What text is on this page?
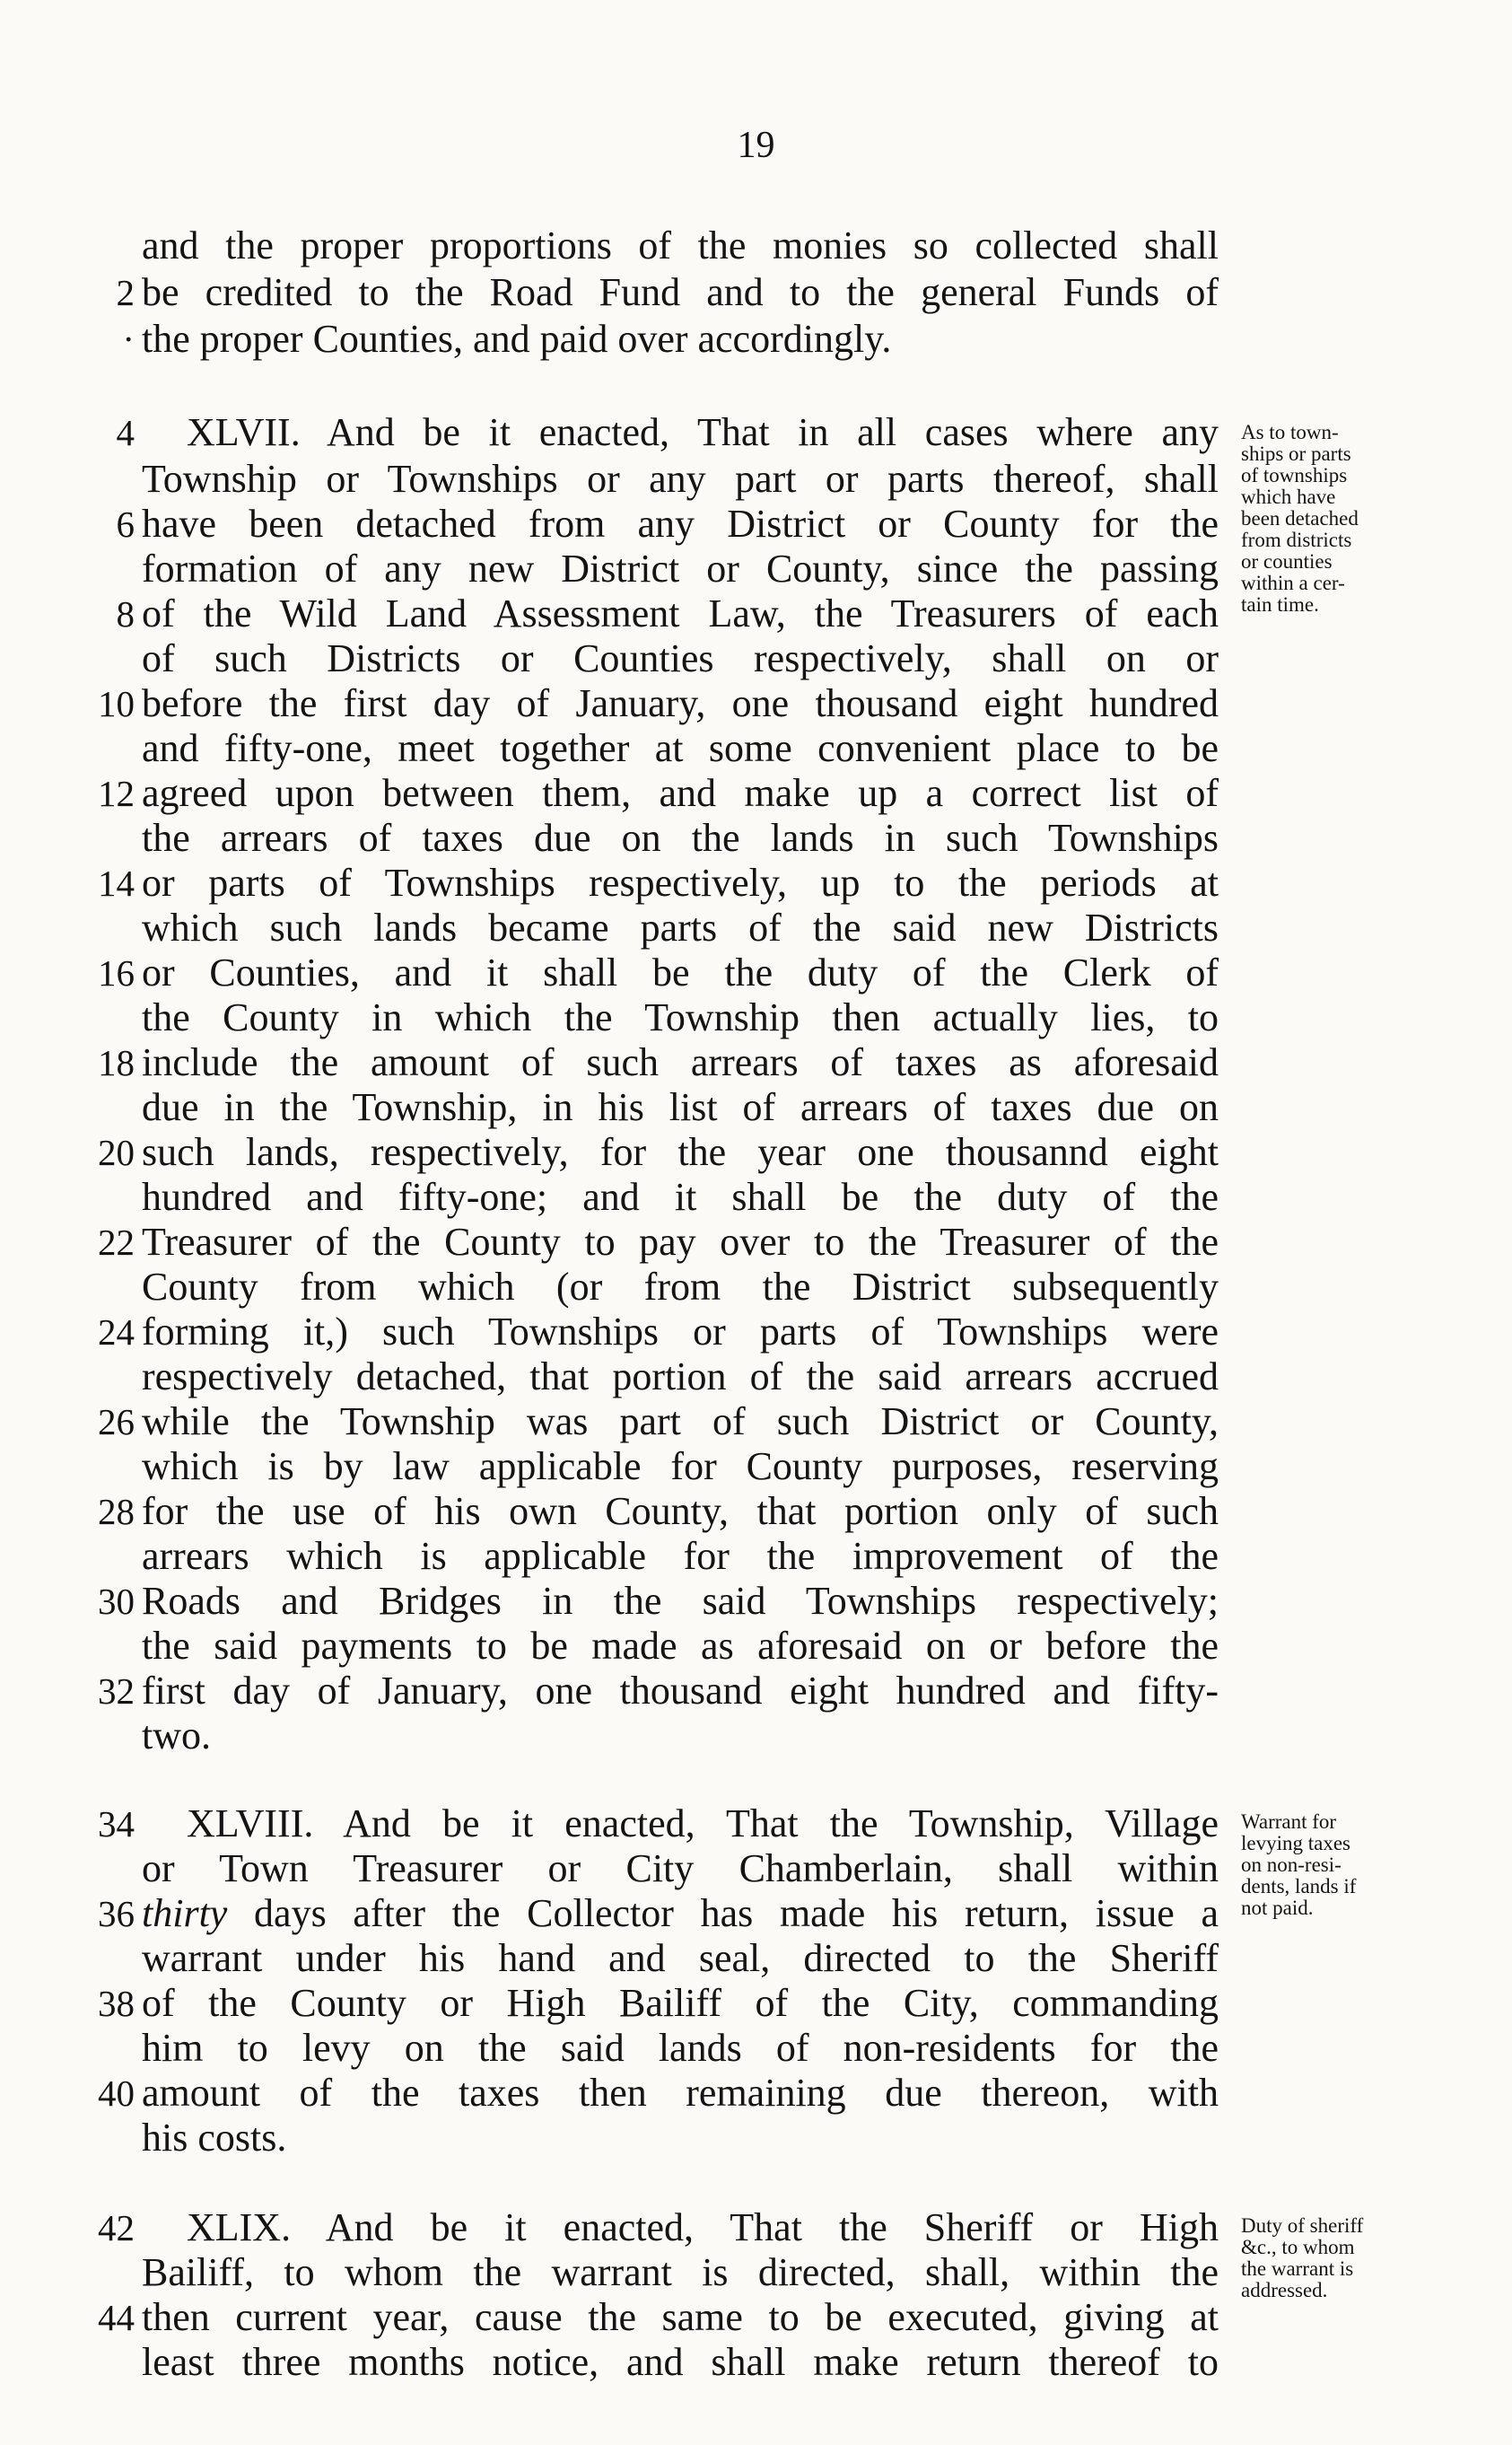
19
and the proper proportions of the monies so collected shall
2 be credited to the Road Fund and to the general Funds of
· the proper Counties, and paid over accordingly.
4 XLVII. And be it enacted, That in all cases where any
Township or Townships or any part or parts thereof, shall
6 have been detached from any District or County for the
formation of any new District or County, since the passing
8 of the Wild Land Assessment Law, the Treasurers of each
of such Districts or Counties respectively, shall on or
10 before the first day of January, one thousand eight hundred
and fifty-one, meet together at some convenient place to be
12 agreed upon between them, and make up a correct list of
the arrears of taxes due on the lands in such Townships
14 or parts of Townships respectively, up to the periods at
which such lands became parts of the said new Districts
16 or Counties, and it shall be the duty of the Clerk of
the County in which the Township then actually lies, to
18 include the amount of such arrears of taxes as aforesaid
due in the Township, in his list of arrears of taxes due on
20 such lands, respectively, for the year one thousannd eight
hundred and fifty-one; and it shall be the duty of the
22 Treasurer of the County to pay over to the Treasurer of the
County from which (or from the District subsequently
24 forming it,) such Townships or parts of Townships were
respectively detached, that portion of the said arrears accrued
26 while the Township was part of such District or County,
which is by law applicable for County purposes, reserving
28 for the use of his own County, that portion only of such
arrears which is applicable for the improvement of the
30 Roads and Bridges in the said Townships respectively;
the said payments to be made as aforesaid on or before the
32 first day of January, one thousand eight hundred and fifty-
two.
34 XLVIII. And be it enacted, That the Township, Village
or Town Treasurer or City Chamberlain, shall within
36 thirty days after the Collector has made his return, issue a
warrant under his hand and seal, directed to the Sheriff
38 of the County or High Bailiff of the City, commanding
him to levy on the said lands of non-residents for the
40 amount of the taxes then remaining due thereon, with
his costs.
42 XLIX. And be it enacted, That the Sheriff or High
Bailiff, to whom the warrant is directed, shall, within the
44 then current year, cause the same to be executed, giving at
least three months notice, and shall make return thereof to
As to town-
ships or parts
of townships
which have
been detached
from districts
or counties
within a cer-
tain time.
Warrant for
levying taxes
on non-resi-
dents, lands if
not paid.
Duty of sheriff
&c., to whom
the warrant is
addressed.
